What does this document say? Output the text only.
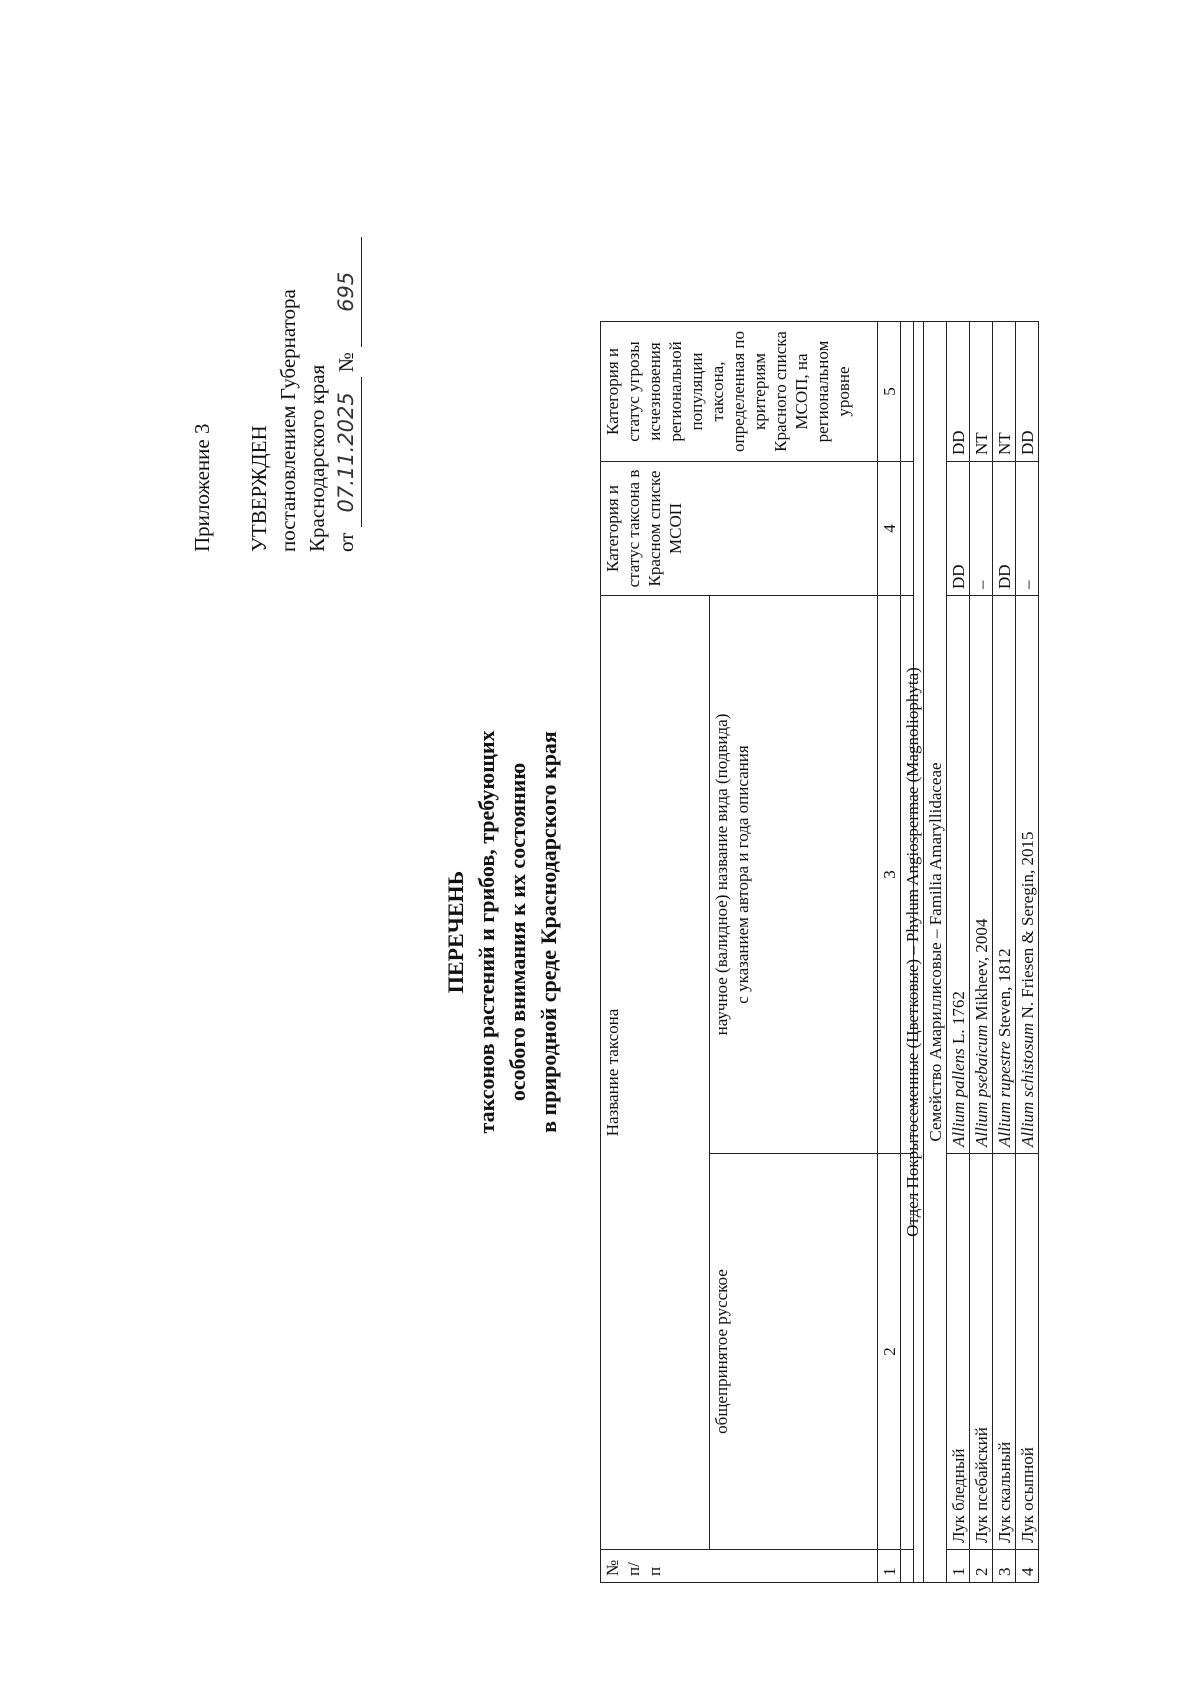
Приложение 3 УТВЕРЖДЕН постановлением Губернатора Краснодарского края от 07.11.2025 № 695
ПЕРЕЧЕНЬ таксонов растений и грибов, требующих особого внимания к их состоянию в природной среде Краснодарского края
№ п/п	Название таксона		Категория и статус таксона в Красном списке МСОП	Категория и статус угрозы исчезновения региональной популяции таксона, определенная по критериям Красного списка МСОП, на региональном уровне
	общепринятое русское	научное (валидное) название вида (подвида) с указанием автора и года описания		
1	2	3	4	5
Отдел Покрытосеменные (Цветковые) – Phylum Angiospermae (Magnoliophyta)				
Семейство Амариллисовые – Familia Amaryllidaceae				
1	Лук бледный	Allium pallens L. 1762	DD	DD
2	Лук псебайский	Allium psebaicum Mikheev, 2004	–	NT
3	Лук скальный	Allium rupestre Steven, 1812	DD	NT
4	Лук осыпной	Allium schistosum N. Friesen & Seregin, 2015	–	DD
